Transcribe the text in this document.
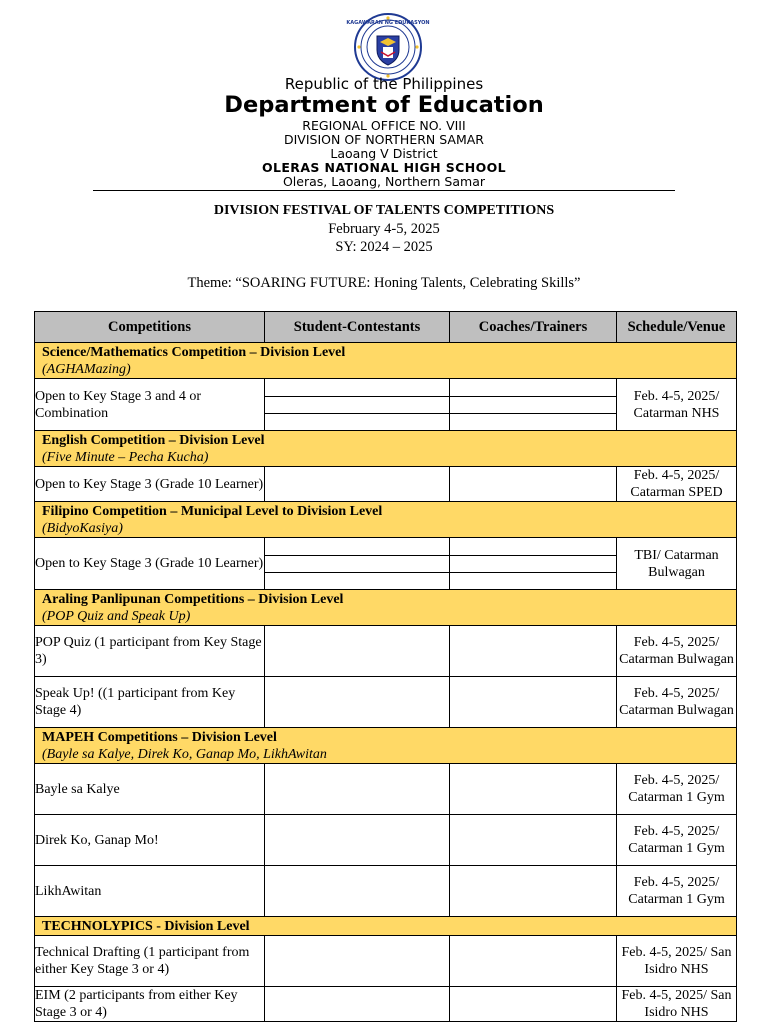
KAGAWARAN NG EDUKASYON
Republic of the Philippines
Department of Education
REGIONAL OFFICE NO. VIII
DIVISION OF NORTHERN SAMAR
Laoang V District
OLERAS NATIONAL HIGH SCHOOL
Oleras, Laoang, Northern Samar
DIVISION FESTIVAL OF TALENTS COMPETITIONS
February 4-5, 2025
SY: 2024 – 2025
Theme: “SOARING FUTURE: Honing Talents, Celebrating Skills”
Competitions	Student-Contestants	Coaches/Trainers	Schedule/Venue

Science/Mathematics Competition – Division Level
(AGHAMazing)			

Open to Key Stage 3 and 4 or Combination			Feb. 4-5, 2025/ Catarman NHS

English Competition – Division Level
(Five Minute – Pecha Kucha)			

Open to Key Stage 3 (Grade 10 Learner)			Feb. 4-5, 2025/ Catarman SPED

Filipino Competition – Municipal Level to Division Level
(BidyoKasiya)			

Open to Key Stage 3 (Grade 10 Learner)			TBI/ Catarman Bulwagan

Araling Panlipunan Competitions – Division Level
(POP Quiz and Speak Up)			

POP Quiz (1 participant from Key Stage 3)			Feb. 4-5, 2025/ Catarman Bulwagan
Speak Up! ((1 participant from Key Stage 4)			Feb. 4-5, 2025/ Catarman Bulwagan

MAPEH Competitions – Division Level
(Bayle sa Kalye, Direk Ko, Ganap Mo, LikhAwitan			

Bayle sa Kalye			Feb. 4-5, 2025/ Catarman 1 Gym
Direk Ko, Ganap Mo!			Feb. 4-5, 2025/ Catarman 1 Gym
LikhAwitan			Feb. 4-5, 2025/ Catarman 1 Gym

TECHNOLYPICS - Division Level			

Technical Drafting (1 participant from either Key Stage 3 or 4)			Feb. 4-5, 2025/ San Isidro NHS
EIM (2 participants from either Key Stage 3 or 4)			Feb. 4-5, 2025/ San Isidro NHS
